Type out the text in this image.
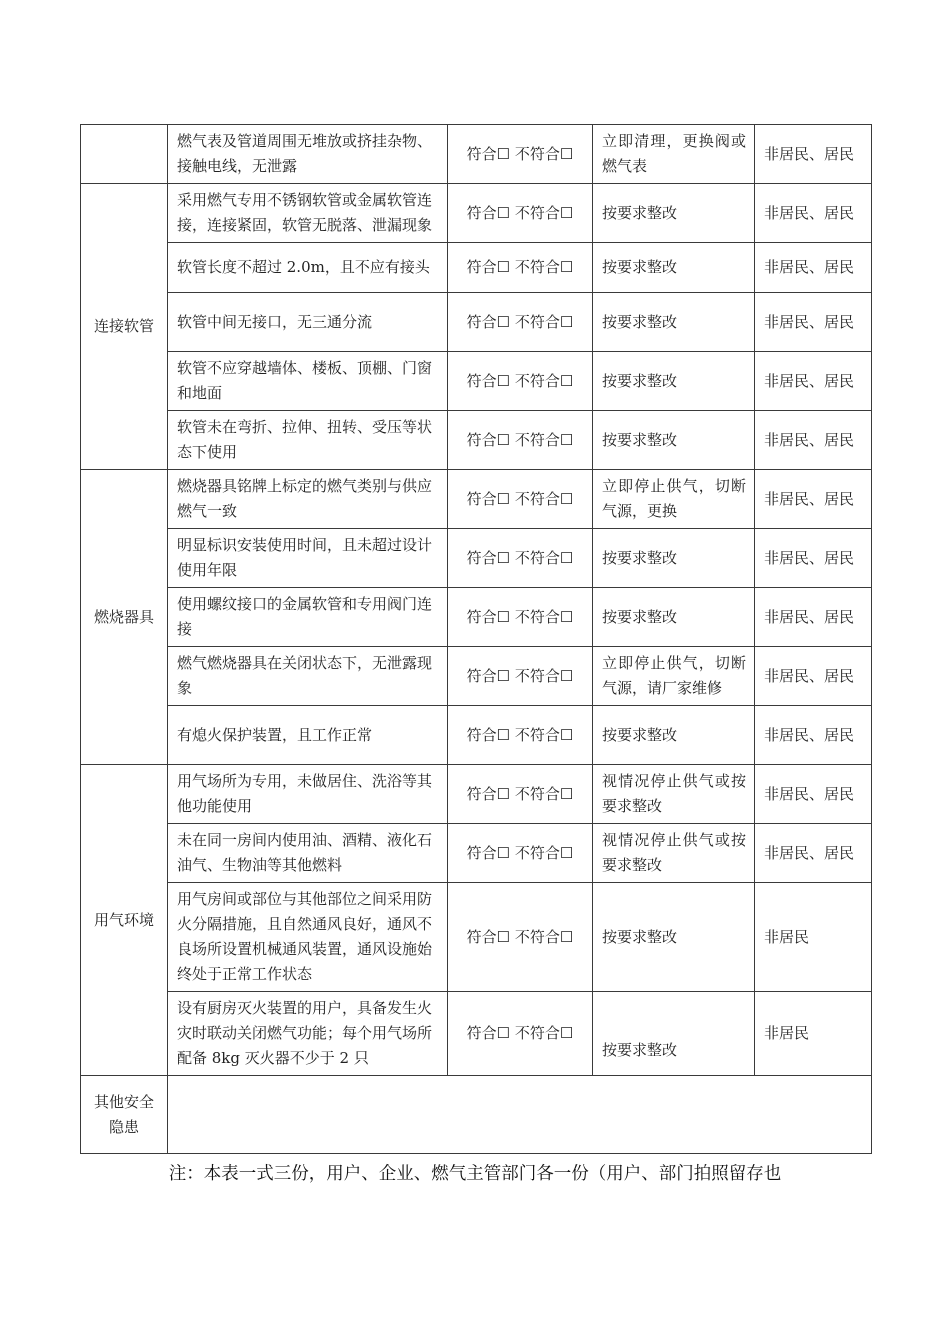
	燃气表及管道周围无堆放或挤挂杂物、接触电线，无泄露	符合☐ 不符合☐	立即清理，更换阀或燃气表	非居民、居民
连接软管	采用燃气专用不锈钢软管或金属软管连接，连接紧固，软管无脱落、泄漏现象	符合☐ 不符合☐	按要求整改	非居民、居民
	软管长度不超过 2.0m，且不应有接头	符合☐ 不符合☐	按要求整改	非居民、居民
	软管中间无接口，无三通分流	符合☐ 不符合☐	按要求整改	非居民、居民
	软管不应穿越墙体、楼板、顶棚、门窗和地面	符合☐ 不符合☐	按要求整改	非居民、居民
	软管未在弯折、拉伸、扭转、受压等状态下使用	符合☐ 不符合☐	按要求整改	非居民、居民
燃烧器具	燃烧器具铭牌上标定的燃气类别与供应燃气一致	符合☐ 不符合☐	立即停止供气，切断气源，更换	非居民、居民
	明显标识安装使用时间，且未超过设计使用年限	符合☐ 不符合☐	按要求整改	非居民、居民
	使用螺纹接口的金属软管和专用阀门连接	符合☐ 不符合☐	按要求整改	非居民、居民
	燃气燃烧器具在关闭状态下，无泄露现象	符合☐ 不符合☐	立即停止供气，切断气源，请厂家维修	非居民、居民
	有熄火保护装置，且工作正常	符合☐ 不符合☐	按要求整改	非居民、居民
用气环境	用气场所为专用，未做居住、洗浴等其他功能使用	符合☐ 不符合☐	视情况停止供气或按要求整改	非居民、居民
	未在同一房间内使用油、酒精、液化石油气、生物油等其他燃料	符合☐ 不符合☐	视情况停止供气或按要求整改	非居民、居民
	用气房间或部位与其他部位之间采用防火分隔措施，且自然通风良好，通风不良场所设置机械通风装置，通风设施始终处于正常工作状态	符合☐ 不符合☐	按要求整改	非居民
	设有厨房灭火装置的用户，具备发生火灾时联动关闭燃气功能；每个用气场所配备 8kg 灭火器不少于 2 只	符合☐ 不符合☐	按要求整改	非居民
其他安全隐患				
注：本表一式三份，用户、企业、燃气主管部门各一份（用户、部门拍照留存也
